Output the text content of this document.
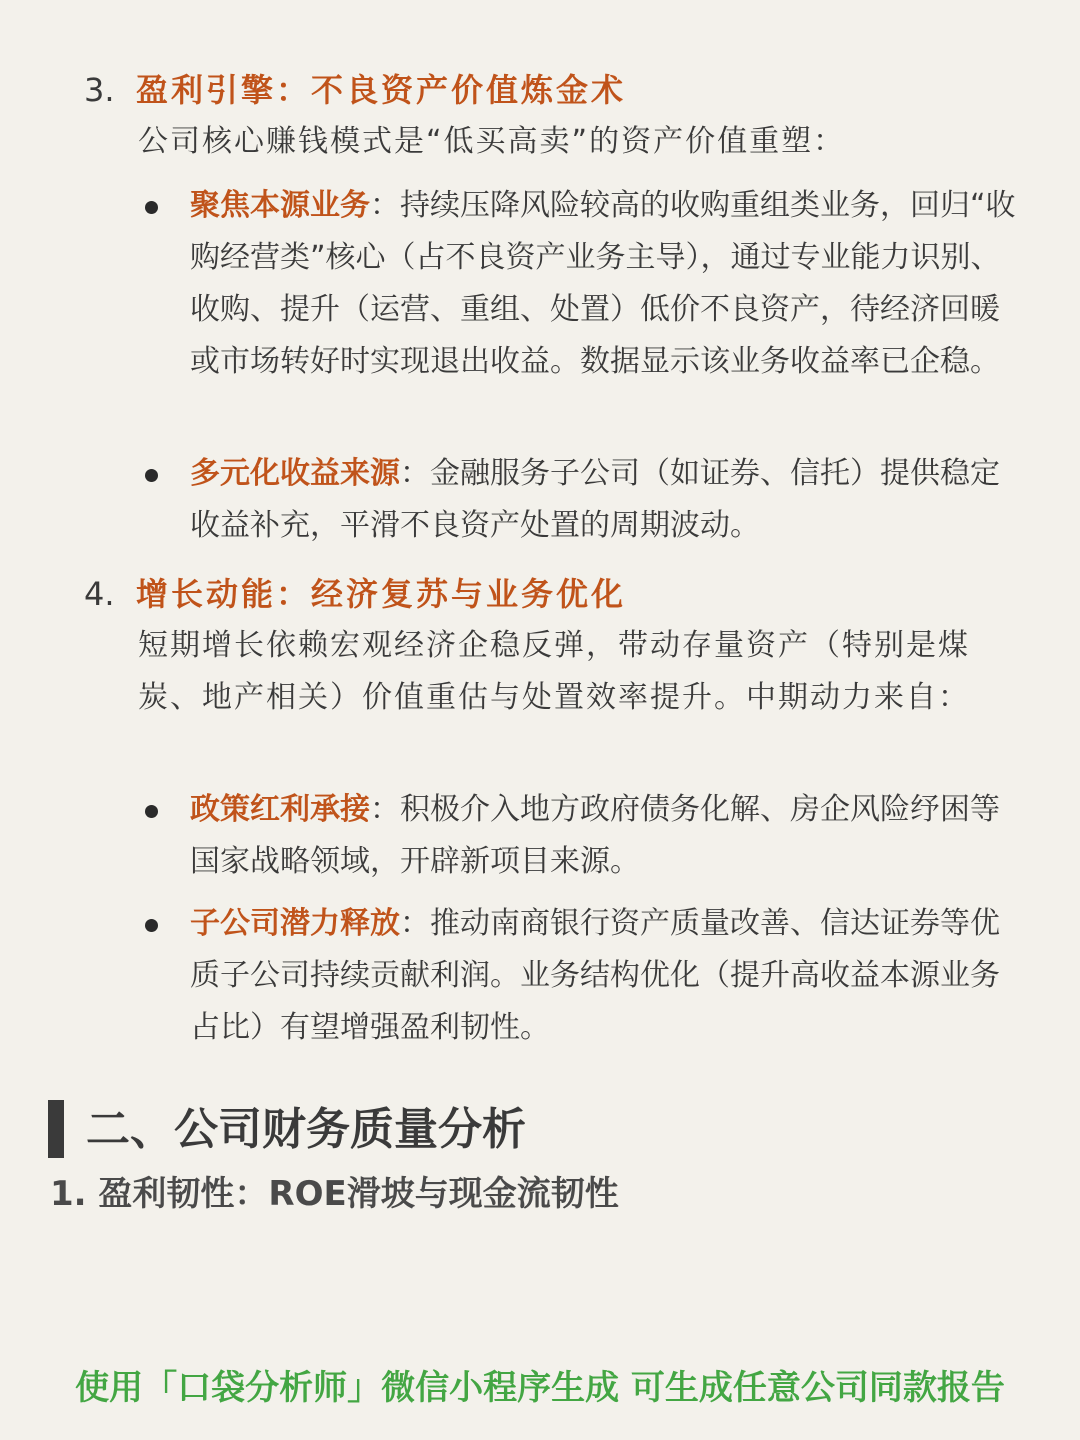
3. 盈利引擎：不良资产价值炼金术
公司核心赚钱模式是“低买高卖”的资产价值重塑：
聚焦本源业务：持续压降风险较高的收购重组类业务，回归“收购经营类”核心（占不良资产业务主导），通过专业能力识别、收购、提升（运营、重组、处置）低价不良资产，待经济回暖或市场转好时实现退出收益。数据显示该业务收益率已企稳。
多元化收益来源：金融服务子公司（如证券、信托）提供稳定收益补充，平滑不良资产处置的周期波动。
4. 增长动能：经济复苏与业务优化
短期增长依赖宏观经济企稳反弹，带动存量资产（特别是煤炭、地产相关）价值重估与处置效率提升。中期动力来自：
政策红利承接：积极介入地方政府债务化解、房企风险纾困等国家战略领域，开辟新项目来源。
子公司潜力释放：推动南商银行资产质量改善、信达证券等优质子公司持续贡献利润。业务结构优化（提升高收益本源业务占比）有望增强盈利韧性。
二、公司财务质量分析
1. 盈利韧性：ROE滑坡与现金流韧性
使用「口袋分析师」微信小程序生成 可生成任意公司同款报告
